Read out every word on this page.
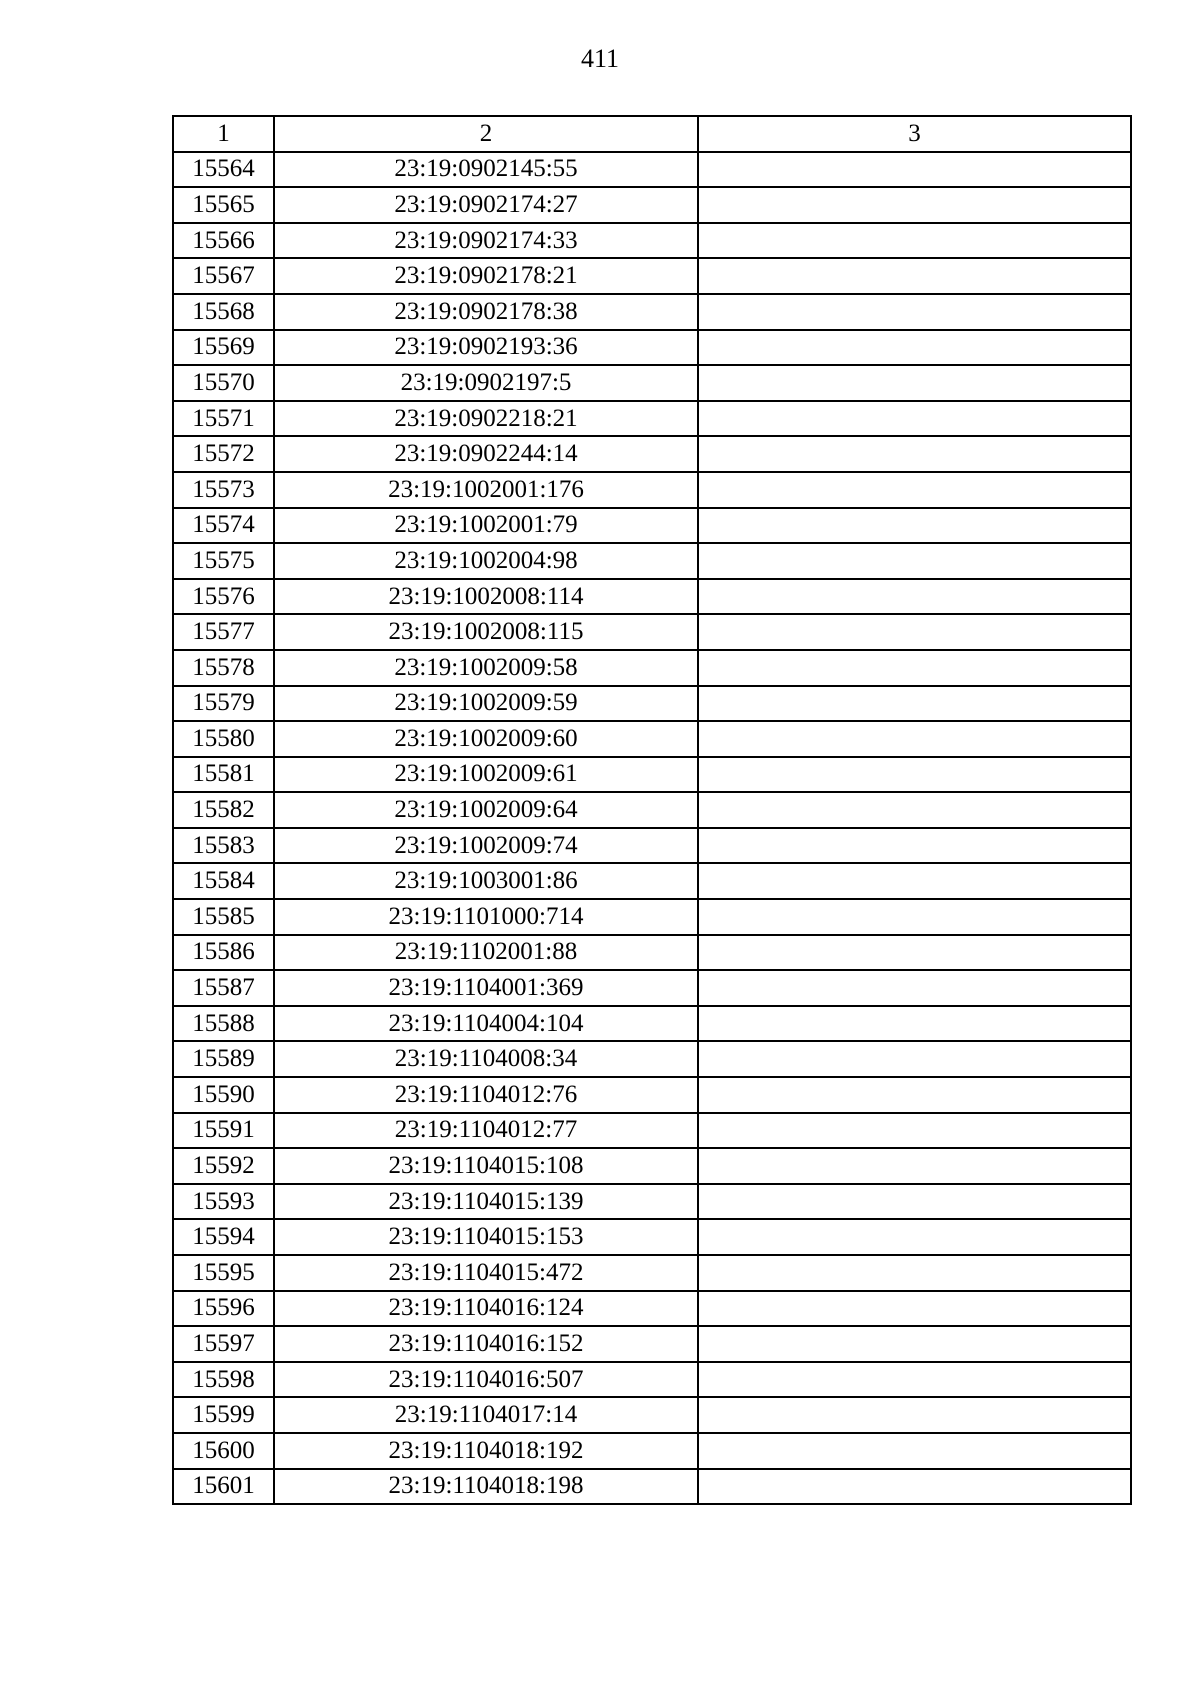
411
1	2	3
15564	23:19:0902145:55	
15565	23:19:0902174:27	
15566	23:19:0902174:33	
15567	23:19:0902178:21	
15568	23:19:0902178:38	
15569	23:19:0902193:36	
15570	23:19:0902197:5	
15571	23:19:0902218:21	
15572	23:19:0902244:14	
15573	23:19:1002001:176	
15574	23:19:1002001:79	
15575	23:19:1002004:98	
15576	23:19:1002008:114	
15577	23:19:1002008:115	
15578	23:19:1002009:58	
15579	23:19:1002009:59	
15580	23:19:1002009:60	
15581	23:19:1002009:61	
15582	23:19:1002009:64	
15583	23:19:1002009:74	
15584	23:19:1003001:86	
15585	23:19:1101000:714	
15586	23:19:1102001:88	
15587	23:19:1104001:369	
15588	23:19:1104004:104	
15589	23:19:1104008:34	
15590	23:19:1104012:76	
15591	23:19:1104012:77	
15592	23:19:1104015:108	
15593	23:19:1104015:139	
15594	23:19:1104015:153	
15595	23:19:1104015:472	
15596	23:19:1104016:124	
15597	23:19:1104016:152	
15598	23:19:1104016:507	
15599	23:19:1104017:14	
15600	23:19:1104018:192	
15601	23:19:1104018:198	
